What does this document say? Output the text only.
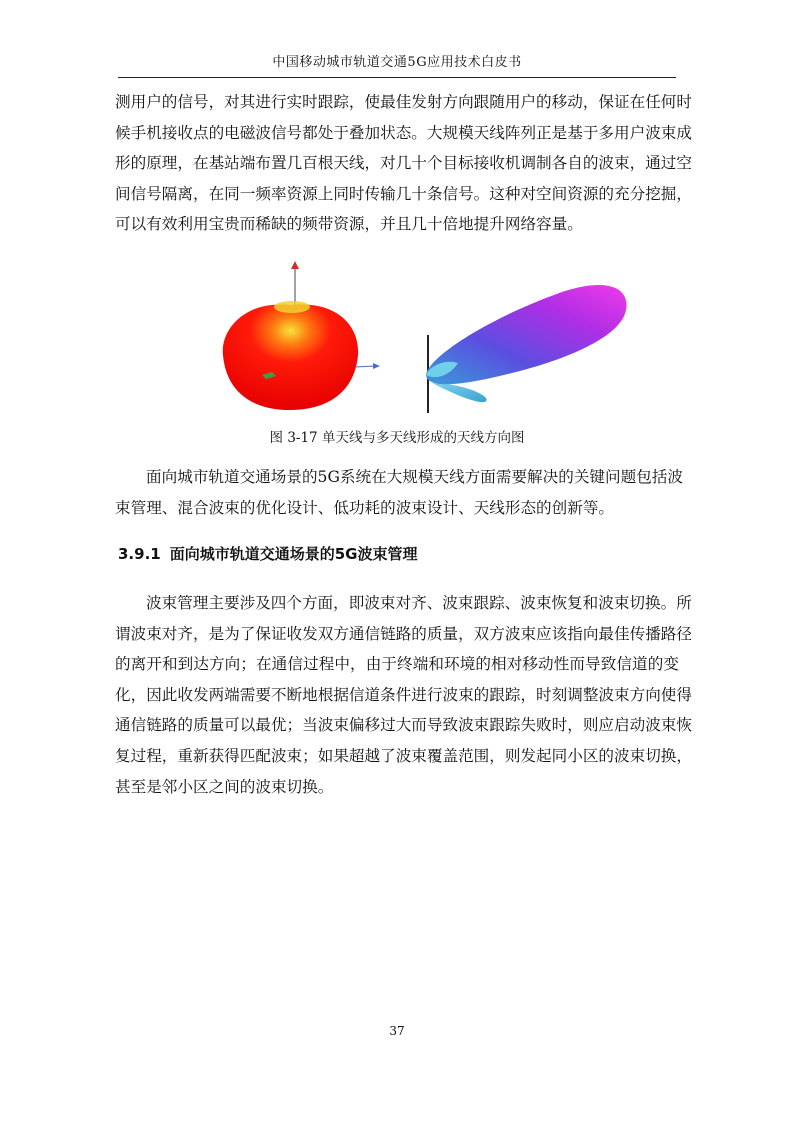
中国移动城市轨道交通5G应用技术白皮书
测用户的信号，对其进行实时跟踪，使最佳发射方向跟随用户的移动，保证在任何时
候手机接收点的电磁波信号都处于叠加状态。大规模天线阵列正是基于多用户波束成
形的原理，在基站端布置几百根天线，对几十个目标接收机调制各自的波束，通过空
间信号隔离，在同一频率资源上同时传输几十条信号。这种对空间资源的充分挖掘，
可以有效利用宝贵而稀缺的频带资源，并且几十倍地提升网络容量。
图 3-17 单天线与多天线形成的天线方向图
面向城市轨道交通场景的5G系统在大规模天线方面需要解决的关键问题包括波
束管理、混合波束的优化设计、低功耗的波束设计、天线形态的创新等。
3.9.1 面向城市轨道交通场景的5G波束管理
波束管理主要涉及四个方面，即波束对齐、波束跟踪、波束恢复和波束切换。所
谓波束对齐，是为了保证收发双方通信链路的质量，双方波束应该指向最佳传播路径
的离开和到达方向；在通信过程中，由于终端和环境的相对移动性而导致信道的变
化，因此收发两端需要不断地根据信道条件进行波束的跟踪，时刻调整波束方向使得
通信链路的质量可以最优；当波束偏移过大而导致波束跟踪失败时，则应启动波束恢
复过程，重新获得匹配波束；如果超越了波束覆盖范围，则发起同小区的波束切换，
甚至是邻小区之间的波束切换。
37
